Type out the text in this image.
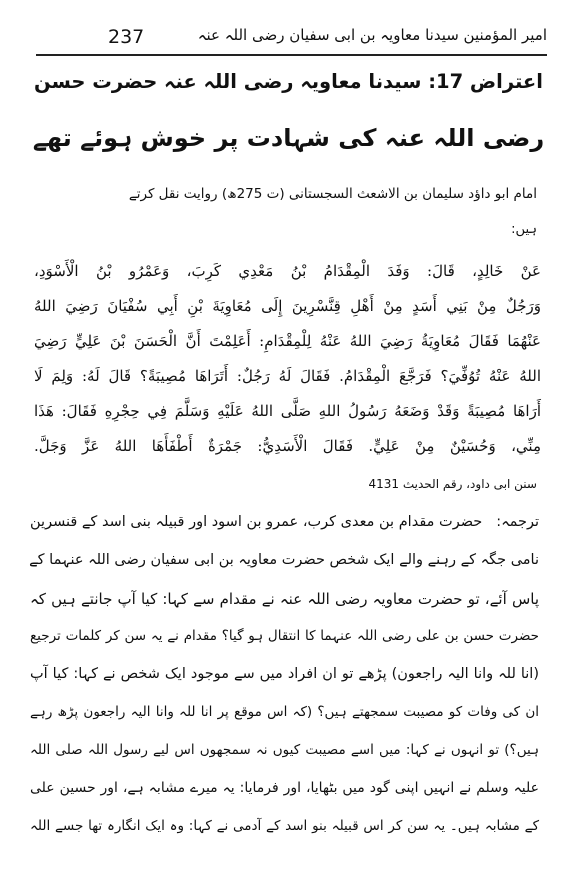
237	امیر المؤمنین سیدنا معاویہ بن ابی سفیان رضی اللہ عنہ
اعتراض 17: سیدنا معاویہ رضی اللہ عنہ حضرت حسن
رضی اللہ عنہ کی شہادت پر خوش ہوئے تھے
امام ابو داؤد سلیمان بن الاشعث السجستانی (ت 275ھ) روایت نقل کرتے
ہیں:
عَنْ خَالِدٍ، قَالَ: وَفَدَ الْمِقْدَامُ بْنُ مَعْدِي كَرِبَ، وَعَمْرُو بْنُ الْأَسْوَدِ،
وَرَجُلٌ مِنْ بَنِي أَسَدٍ مِنْ أَهْلِ قِنَّسْرِينَ إِلَى مُعَاوِيَةَ بْنِ أَبِي سُفْيَانَ رَضِيَ اللهُ
عَنْهُمَا فَقَالَ مُعَاوِيَةُ رَضِيَ اللهُ عَنْهُ لِلْمِقْدَامِ: أَعَلِمْتَ أَنَّ الْحَسَنَ بْنَ عَلِيٍّ رَضِيَ
اللهُ عَنْهُ تُوُفِّيَ؟ فَرَجَّعَ الْمِقْدَامُ. فَقَالَ لَهُ رَجُلٌ: أَتَرَاهَا مُصِيبَةً؟ قَالَ لَهُ: وَلِمَ لَا
أَرَاهَا مُصِيبَةً وَقَدْ وَضَعَهُ رَسُولُ اللهِ صَلَّى اللهُ عَلَيْهِ وَسَلَّمَ فِي حِجْرِهِ فَقَالَ: هَذَا
مِنِّي، وَحُسَيْنٌ مِنْ عَلِيٍّ. فَقَالَ الْأَسَدِيُّ: جَمْرَةٌ أَطْفَأَهَا اللهُ عَزَّ وَجَلَّ.
سنن ابی داود، رقم الحدیث 4131
ترجمہ:حضرت مقدام بن معدی کرب، عمرو بن اسود اور قبیلہ بنی اسد کے قنسرین
نامی جگہ کے رہنے والے ایک شخص حضرت معاویہ بن ابی سفیان رضی اللہ عنہما کے
پاس آئے، تو حضرت معاویہ رضی اللہ عنہ نے مقدام سے کہا: کیا آپ جانتے ہیں کہ
حضرت حسن بن علی رضی اللہ عنہما کا انتقال ہو گیا؟ مقدام نے یہ سن کر کلمات ترجیع
(انا للہ وانا الیہ راجعون) پڑھے تو ان افراد میں سے موجود ایک شخص نے کہا: کیا آپ
ان کی وفات کو مصیبت سمجھتے ہیں؟ (کہ اس موقع پر انا للہ وانا الیہ راجعون پڑھ رہے
ہیں؟) تو انہوں نے کہا: میں اسے مصیبت کیوں نہ سمجھوں اس لیے رسول اللہ صلی اللہ
علیہ وسلم نے انہیں اپنی گود میں بٹھایا، اور فرمایا: یہ میرے مشابہ ہے، اور حسین علی
کے مشابہ ہیں۔ یہ سن کر اس قبیلہ بنو اسد کے آدمی نے کہا: وہ ایک انگارہ تھا جسے اللہ
